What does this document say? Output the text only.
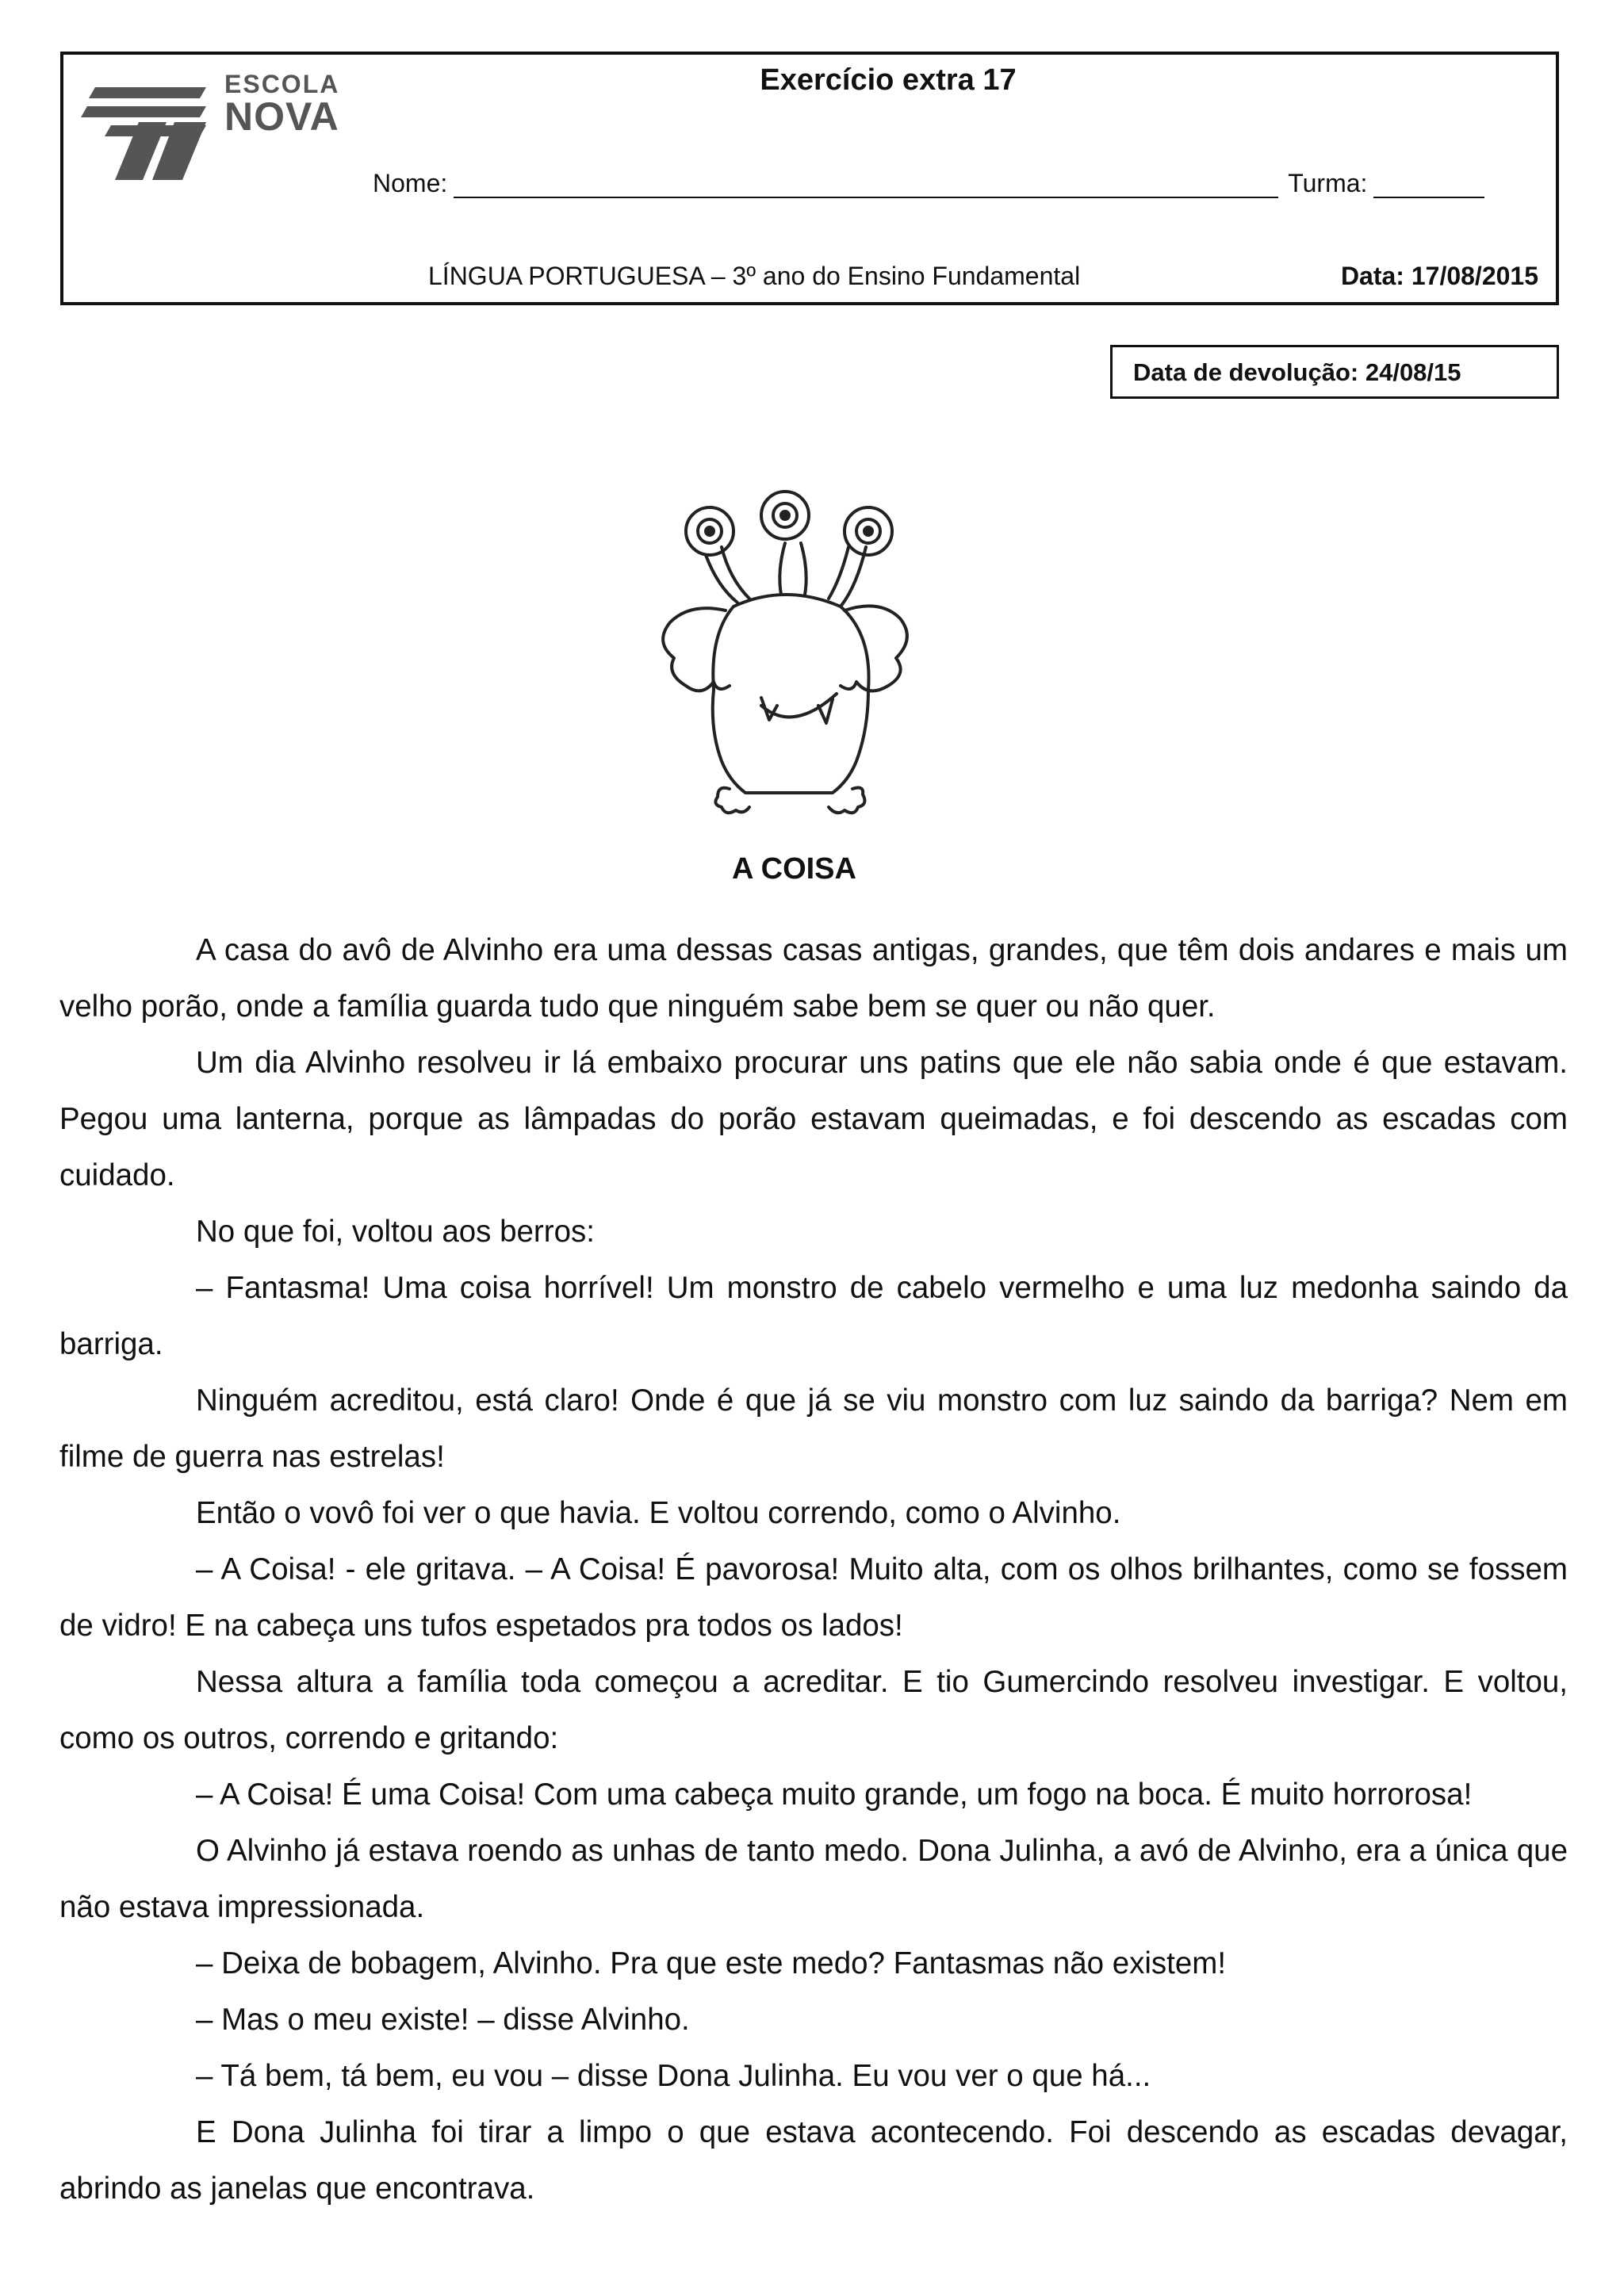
ESCOLA
NOVA
Exercício extra 17
Nome:	Turma:
LÍNGUA PORTUGUESA – 3º ano do Ensino Fundamental	Data: 17/08/2015
Data de devolução: 24/08/15
A COISA

A casa do avô de Alvinho era uma dessas casas antigas, grandes, que têm dois andares e mais um velho porão, onde a família guarda tudo que ninguém sabe bem se quer ou não quer.

Um dia Alvinho resolveu ir lá embaixo procurar uns patins que ele não sabia onde é que estavam. Pegou uma lanterna, porque as lâmpadas do porão estavam queimadas, e foi descendo as escadas com cuidado.

No que foi, voltou aos berros:

– Fantasma! Uma coisa horrível! Um monstro de cabelo vermelho e uma luz medonha saindo da barriga.

Ninguém acreditou, está claro! Onde é que já se viu monstro com luz saindo da barriga? Nem em filme de guerra nas estrelas!

Então o vovô foi ver o que havia. E voltou correndo, como o Alvinho.

– A Coisa! - ele gritava. – A Coisa! É pavorosa! Muito alta, com os olhos brilhantes, como se fossem de vidro! E na cabeça uns tufos espetados pra todos os lados!

Nessa altura a família toda começou a acreditar. E tio Gumercindo resolveu investigar. E voltou, como os outros, correndo e gritando:

– A Coisa! É uma Coisa! Com uma cabeça muito grande, um fogo na boca. É muito horrorosa!

O Alvinho já estava roendo as unhas de tanto medo. Dona Julinha, a avó de Alvinho, era a única que não estava impressionada.

– Deixa de bobagem, Alvinho. Pra que este medo? Fantasmas não existem!

– Mas o meu existe! – disse Alvinho.

– Tá bem, tá bem, eu vou – disse Dona Julinha. Eu vou ver o que há...

E Dona Julinha foi tirar a limpo o que estava acontecendo. Foi descendo as escadas devagar, abrindo as janelas que encontrava.
